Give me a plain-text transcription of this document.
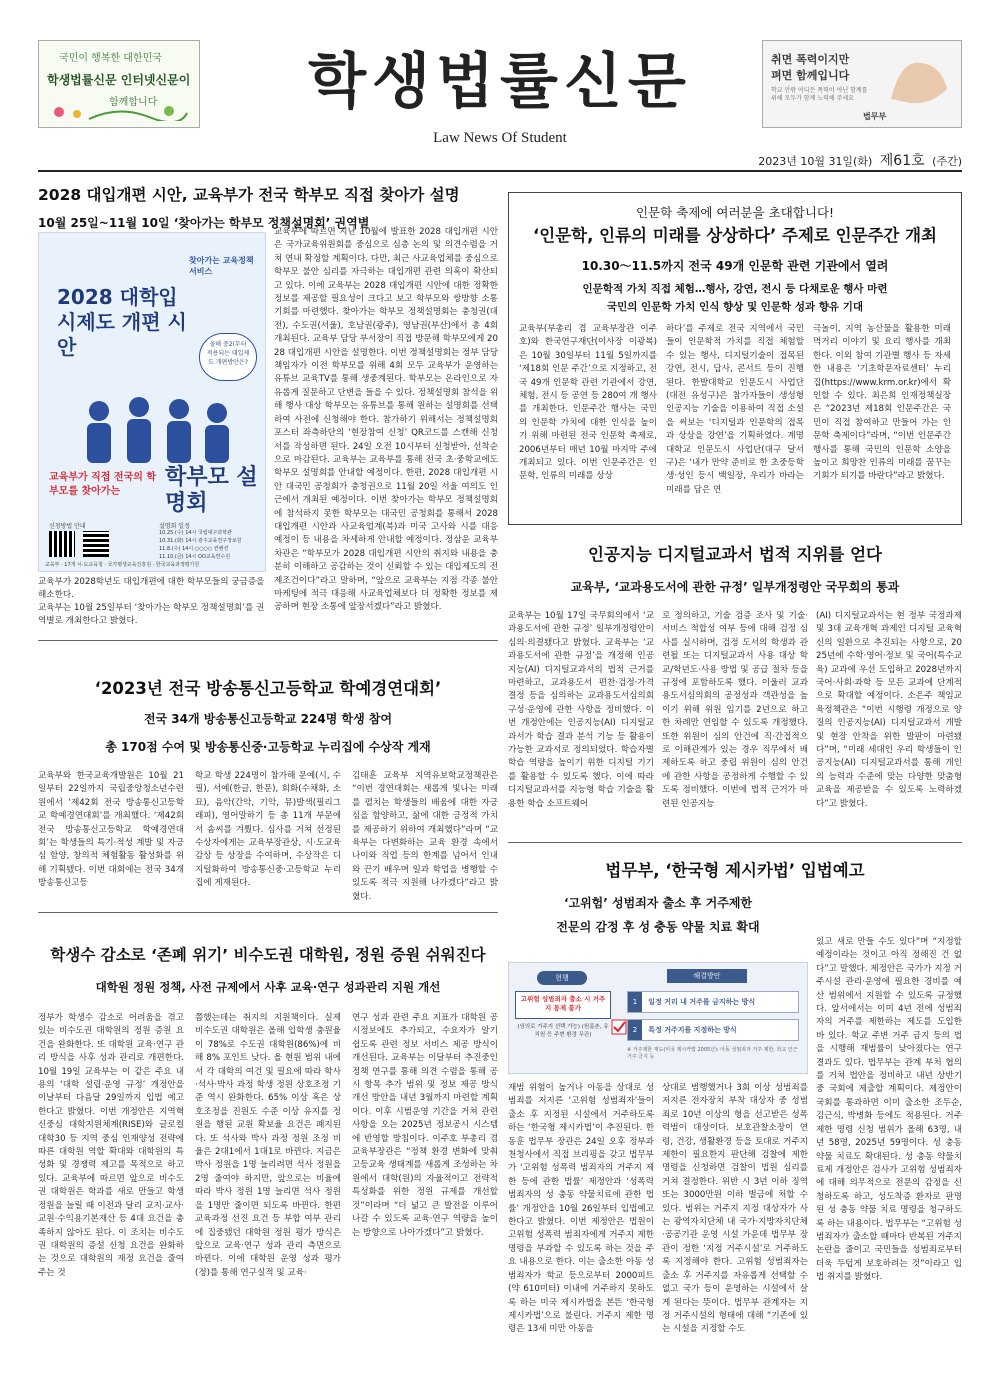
국민이 행복한 대한민국
학생법률신문 인터넷신문이
함께합니다	학생법률신문
Law News Of Student
취면 폭력이지만
펴면 함께입니다
학교 안팎 어디든 폭력이 아닌 함께를 위해 모두가 함께 노력해 주세요
법무부
2023년 10월 31일(화) 제61호 (주간)
2028 대입개편 시안, 교육부가 전국 학부모 직접 찾아가 설명
10월 25일~11월 10일 ‘찾아가는 학부모 정책설명회’ 권역별
찾아가는 교육정책 서비스
2028 대학입시제도 개편 시안	올해 중2(부터 적용되는 대입제도 개편방안은?
교육부가 직접 전국의 학부모를 찾아가는
학부모 설명회
신청방법 안내	설명회 일정
10.25.(수) 14시 국립대구과학관
10.31.(화) 14시 광주교육연구정보원
11.8.(수) 14시 ○○○○ 컨벤션
11.10.(금) 14시 OO교육연수원
교육부 · 17개 시·도교육청 · 국가평생교육진흥원 · 한국교육과정평가원
교육부가 2028학년도 대입개편에 대한 학부모들의 궁금증을 해소한다.
교육부는 10월 25일부터 ‘찾아가는 학부모 정책설명회’를 권역별로 개최한다고 밝혔다.
교육부에 따르면 지난 10월에 발표한 2028 대입개편 시안은 국가교육위원회를 중심으로 심층 논의 및 의견수렴을 거쳐 연내 확정할 계획이다. 다만, 최근 사교육업체를 중심으로 학부모 불안 심리를 자극하는 대입개편 관련 의혹이 확산되고 있다. 이에 교육부는 2028 대입개편 시안에 대한 정확한 정보를 제공할 필요성이 크다고 보고 학부모와 쌍방향 소통 기회를 마련했다. 찾아가는 학부모 정책설명회는 충청권(대전), 수도권(서울), 호남권(광주), 영남권(부산)에서 총 4회 개최된다. 교육부 담당 부서장이 직접 방문해 학부모에게 2028 대입개편 시안을 설명한다. 이번 정책설명회는 정부 담당 책임자가 이전 학부모를 위해 4회 모두 교육부가 운영하는 유튜브 교육TV를 통해 생중계된다. 학부모는 온라인으로 자유롭게 질문하고 단변을 들을 수 있다. 정책설명회 참석을 위해 행사 대상 학부모는 유튜브를 통해 원하는 설명회를 선택하여 사전에 신청해야 한다. 참가하기 위해서는 정책설명회 포스터 좌측하단의 ‘현장참여 신청’ QR코드를 스캔해 신청서를 작성하면 된다. 24일 오전 10시부터 신청받아, 선착순으로 마감된다. 교육부는 교육부를 통해 전국 초·중학교에도 학부모 설명회를 안내할 예정이다. 한편, 2028 대입개편 시안 대국민 공청회가 충청권으로 11월 20일 서울 여의도 인근에서 개최된 예정이다. 이번 찾아가는 학부모 정책설명회에 참석하지 못한 학부모는 대국민 공청회를 통해서 2028 대입개편 시안과 사교육업계(북)과 미국 고사와 시를 대응 예정이 등 내용을 차세하게 안내할 예정이다. 정삼운 교육부 차관은 “학부모가 2028 대입개편 시안의 취지와 내용을 충분히 이해하고 공감하는 것이 신뢰할 수 있는 대입제도의 전제조건이다”라고 말하며, “앞으로 교육부는 지점 각종 불안 마케팅에 적극 대응해 사교육업체보다 더 정확한 정보를 제공하며 현장 소통에 앞장서겠다”라고 밝혔다.
인문학 축제에 여러분을 초대합니다!
‘인문학, 인류의 미래를 상상하다’ 주제로 인문주간 개최
10.30～11.5까지 전국 49개 인문학 관련 기관에서 열려
인문학적 가치 직접 체험…행사, 강연, 전시 등 다채로운 행사 마련
국민의 인문학 가치 인식 향상 및 인문학 성과 향유 기대
교육부(부총리 겸 교육부장관 이주호)와 한국연구재단(이사장 이광복)은 10월 30일부터 11월 5일까지를 ‘제18회 인문 주간’으로 지정하고, 전국 49개 인문학 관련 기관에서 강연, 체험, 전시 등 공연 등 280여 개 행사를 개최한다. 인문주간 행사는 국민의 인문학 가치에 대한 인식을 높이기 위해 마련된 전국 인문학 축제로, 2006년부터 매년 10월 마지막 주에 개최되고 있다. 이번 인문주간은 인문학, 인류의 미래를 상상
하다’를 주제로 전국 지역에서 국민들이 인문학적 가치를 직접 체험할 수 있는 행사, 디지털기술이 접목된 강연, 전시, 답사, 콘서트 등이 진행된다. 한발대학교 인문도시 사업단(대전 유성구)은 참가자들이 생성형 인공지능 기술을 이용하여 직접 소설을 써보는 ‘디지털과 인문학의 접목과 상상을 강연’을 기획하였다. 계명대학교 인문도시 사업단(대구 달서구)은 ‘내가 만약 준비로 한 초중등학생·성인 등시 백일장, 우리가 바라는 미래를 담은 연
극놀이, 지역 농산물을 활용한 미래 먹거리 이야기 및 요리 행사를 개최한다. 이외 참여 기관별 행사 등 자세한 내용은 ‘기초학문자료센터’ 누리집(https://www.krm.or.kr)에서 확인할 수 있다. 최은희 인재정책실장은 “2023년 제18회 인문주간은 국민이 직접 참여하고 만들어 가는 인문학 축제이다”라며, “이번 인문주간 행사를 통해 국민의 인문학 소양을 높이고 희망찬 인류의 미래를 꿈꾸는 기회가 되기를 바란다”라고 밝혔다.
인공지능 디지털교과서 법적 지위를 얻다
교육부, ‘교과용도서에 관한 규정’ 일부개정령안 국무회의 통과
교육부는 10월 17일 국무회의에서 ‘교과용도서에 관한 규정’ 일부개정령안이 심의·의결됐다고 밝혔다. 교육부는 ‘교과용도서에 관한 규정’을 개정해 인공지능(AI) 디지털교과서의 법적 근거를 마련하고, 교과용도서 편찬·검정·가격 결정 등을 심의하는 교과용도서심의회 구성·운영에 관한 사항을 정비했다. 이번 개정안에는 인공지능(AI) 디지털교과서가 학습 결과 분석 기능 등 활용이 가능한 교과서로 정의되었다. 학습자별 학습 역량을 높이기 위한 디지털 기기를 활용할 수 있도록 했다. 이에 따라 디지털교과서를 지능형 학습 기술을 활용한 학습 소프트웨어
로 정의하고, 기술 검증 조사 및 기술·서비스 적합성 여부 등에 대해 검정 심사를 실시하며, 검정 도서의 학생과 관련될 또는 디지털교과서 사용 대상 학교/학년도·사용 방법 및 공급 절차 등을 규정에 포함하도록 했다. 이울러 교과용도서심의회의 공정성과 객관성을 높이기 위해 위원 임기를 2년으로 하고 한 차례만 연임할 수 있도록 개정했다. 또한 위원이 심의 안건에 직·간접적으로 이해관계가 있는 경우 직무에서 배제하도록 하고 중립 위원이 심의 안건에 관한 사항을 공정하게 수행할 수 있도록 정비했다. 이번에 법적 근거가 마련된 인공지능
(AI) 디지털교과서는 현 정부 국정과제 및 3대 교육개혁 과제인 디지털 교육혁신의 일환으로 추진되는 사항으로, 2025년에 수학·영어·정보 및 국어(특수교육) 교과에 우선 도입하고 2028년까지 국어·사회·과학 등 모든 교과에 단계적으로 확대할 예정이다. 소은주 책임교육정책관은 “이번 시행령 개정으로 양질의 인공지능(AI) 디지털교과서 개발 및 현장 안착을 위한 발판이 마련됐다”며, “미래 세대인 우리 학생들이 인공지능(AI) 디지털교과서를 통해 개인의 능력과 수준에 맞는 다양한 맞춤형 교육을 제공받을 수 있도록 노력하겠다”고 밝혔다.
‘2023년 전국 방송통신고등학교 학예경연대회’
전국 34개 방송통신고등학교 224명 학생 참여
총 170점 수여 및 방송통신중·고등학교 누리집에 수상작 게재
교육부와 한국교육개발원은 10월 21일부터 22일까지 국립중앙청소년수련원에서 ‘제42회 전국 방송통신고등학교 학예경연대회’를 개최했다. ‘제42회 전국 방송통신고등학교 학예경연대회’는 학생들의 특기·적성 계발 및 자긍심 함양, 창의적 체험활동 활성화를 위해 기획됐다. 이번 대회에는 전국 34개 방송통신고등
학교 학생 224명이 참가해 문예(시, 수필), 서예(한글, 한문), 회화(수채화, 소묘), 음악(간악, 기악, 뮤)발색(필리그래피), 영어말하기 등 총 11개 부문에서 솜씨를 겨뤘다. 심사를 거쳐 선정된 수상자에게는 교육부장관상, 시·도교육감상 등 상장을 수여하며, 수상작은 디지털화하여 방송통신중·고등학교 누리집에 게재된다.
김태훈 교육부 지역유보학교정책관은 “이번 경연대회는 새롭게 빛나는 미래를 펼치는 학생들의 배움에 대한 자긍심을 함양하고, 삶에 대한 긍정적 가치를 제공하기 위하여 개최했다”라며 “교육부는 다변화하는 교육 환경 속에서 나이와 직업 등의 한계를 넘어서 인내와 끈기 배우며 일과 학업을 병행할 수 있도록 적극 지원해 나가겠다”라고 밝혔다.
학생수 감소로 ‘존폐 위기’ 비수도권 대학원, 정원 증원 쉬워진다
대학원 정원 정책, 사전 규제에서 사후 교육·연구 성과관리 지원 개선
정부가 학생수 감소로 어려움을 겪고 있는 비수도권 대학원의 정원 증원 요건을 완화한다. 또 대학원 교육·연구 관리 방식을 사후 성과 관리로 개편한다. 10월 19일 교육부는 이 같은 주요 내용의 ‘대학 설립·운영 규정’ 개정안을 이날부터 다음달 29일까지 입법 예고한다고 밝혔다. 이번 개정안은 지역혁신중심 대학지원체계(RISE)와 글로컬대학30 등 지역 중심 인재양성 전략에 따른 대학원 역할 확대와 대학원의 특성화 및 경쟁력 제고를 목적으로 하고 있다. 교육부에 따르면 앞으로 비수도권 대학원은 학과를 새로 만들고 학생 정원을 늘릴 때 이전과 달리 교지·교사·교원·수익용기본재산 등 4대 요건을 충족하지 않아도 된다. 이 조치는 비수도권 대학원의 증설 신청 요건을 완화하는 것으로 대학원의 재정 요건을 줄여주는 것
쯤했는데는 취지의 지원책이다. 실제 비수도권 대학원은 올해 입학생 충원율이 78%로 수도권 대학원(86%)에 비해 8% 포인트 낮다. 올 현원 범위 내에서 각 대학의 여건 및 필요에 따라 학사·석사·박사 과정 학생 정원 상호조정 기준 역시 완화한다. 65% 이상 혹은 상호조정을 진원도 수준 이상 유지를 정원을 행된 교원 확보율 요건은 폐지된다. 또 석사와 박사 과정 정원 조정 비율은 2대1에서 1대1로 바뀐다. 지금은 박사 정원을 1명 늘리려면 석사 정원을 2명 줄여야 하지만, 앞으로는 비율에 따라 박사 정원 1명 늘리면 석사 정원을 1명만 줄이면 되도록 바뀐다. 한편 교육과정 선진 요건 등 부합 여부 관리에 집중됐던 대학원 정원 평가 방식은 앞으로 교육·연구 성과 관리 측면으로 바뀐다. 이에 대학원 운영 성과 평가(정)를 통해 연구실적 및 교육·
연구 성과 관련 주요 지표가 대학원 공시정보에도 추가되고, 수요자가 알기 쉽도록 관련 정보 서비스 제공 방식이 개선된다. 교육부는 이달부터 추진중인 정책 연구를 통해 의견 수렴을 통해 공시 항목 추가 범위 및 정보 제공 방식 개선 방안을 내년 3월까지 마련할 계획이다. 이후 시범운영 기간을 거쳐 관련 사항을 오는 2025년 정보공시 시스템에 반영할 방침이다. 이주호 부총리 겸 교육부장관은 “정책 환경 변화에 맞춰 고등교육 생태계를 새롭게 조성하는 차원에서 대학(원)의 자율적이고 전략적 특성화를 위한 정원 규제를 개선할 것”이라며 “더 넓고 큰 발전을 이루어 나갈 수 있도록 교육·연구 역량을 높이는 방향으로 나아가겠다”고 밝혔다.
법무부, ‘한국형 제시카법’ 입법예고
‘고위험’ 성범죄자 출소 후 거주제한
전문의 감정 후 성 충동 약물 치료 확대
현행
고위험 성범죄자 출소 시 거주지 통제 불가
(임의로 거주지 선택 가능) (원룸촌, 유치원 등 주변 환경 무관)
해결방안
1 일정 거리 내 거주를 금지하는 방식
2 특정 거주지를 지정하는 방식
※ 거주제한 제도(미국 제시카법 2005년): 아동 성범죄자 거주 제한, 학교 인근 거주 금지 등
재범 위험이 높거나 아동을 상대로 성범죄를 저지른 ‘고위험 성범죄자’들이 출소 후 지정된 시설에서 거주하도록 하는 ‘한국형 제시카법’이 추진된다. 한동훈 법무부 장관은 24일 오후 정부과천청사에서 직접 브리핑을 갖고 법무부가 ‘고위험 성폭력 범죄자의 거주지 제한 등에 관한 법률’ 제정안과 ‘성폭력 범죄자의 성 충동 약물치료에 관한 법률’ 개정안을 10월 26일부터 입법예고한다고 밝혔다. 이번 제정안은 법원이 고위험 성폭력 범죄자에게 거주지 제한 명령을 부과할 수 있도록 하는 것을 주요 내용으로 한다. 이는 출소한 아동 성범죄자가 학교 등으로부터 2000피트(약 610미터) 이내에 거주하지 못하도록 하는 미국 제시카법을 본뜬 ‘한국형 제시카법’으로 불린다. 거주지 제한 명령은 13세 미만 아동을
상대로 범행했거나 3회 이상 성범죄를 저지른 전자장치 부착 대상자 중 성범죄로 10년 이상의 형을 선고받은 성폭력범이 대상이다. 보호관찰소장이 연령, 건강, 생활환경 등을 토대로 거주지 제한이 필요한지 판단해 검찰에 제한 명령을 신청하면 검찰이 법원 심리를 거쳐 결정한다. 위반 시 3년 이하 징역 또는 3000만원 이하 벌금에 처할 수 있다. 범위는 거주지 지정 대상자가 사는 광역자치단체 내 국가·지방자치단체·공공기관 운영 시설 가운데 법무부 장관이 정한 ‘지정 거주시설’로 거주하도록 지정해야 한다. 고위험 성범죄자는 출소 후 거주지를 자유롭게 선택할 수 없고 국가 등이 운영하는 시설에서 살게 된다는 뜻이다. 법무부 관계자는 지정 거주시설의 형태에 대해 “기존에 있는 시설을 지정할 수도
있고 새로 만들 수도 있다”며 “지정할 예정이라는 것이고 아직 정해진 건 없다”고 말했다. 제정안은 국가가 지정 거주시설 관리·운영에 필요한 경비를 예산 범위에서 지원할 수 있도록 규정했다. 앞서에서는 이미 4년 전에 성범죄자의 거주를 제한하는 제도를 도입한 바 있다. 학교 주변 거주 금지 등의 법을 시행해 재범률이 낮아졌다는 연구 결과도 있다. 법무부는 관계 부처 협의를 거쳐 법안을 정비하고 내년 상반기 중 국회에 제출할 계획이다. 제정안이 국회를 통과하면 이미 출소한 조두순, 김근식, 박병화 등에도 적용된다. 거주 제한 명령 신청 범위가 올해 63명, 내년 58명, 2025년 59명이다. 성 충동 약물 치료도 확대된다. 성 충동 약물치료제 개정안은 검사가 고위험 성범죄자에 대해 의무적으로 전문의 감정을 신청하도록 하고, 성도착증 환자로 판명된 성 충동 약물 치료 명령을 청구하도록 하는 내용이다. 법무부는 “고위험 성범죄자가 출소할 때마다 반복된 거주지 논란을 줄이고 국민들을 성범죄로부터 더욱 두텁게 보호하려는 것”이라고 입법 취지를 밝혔다.
